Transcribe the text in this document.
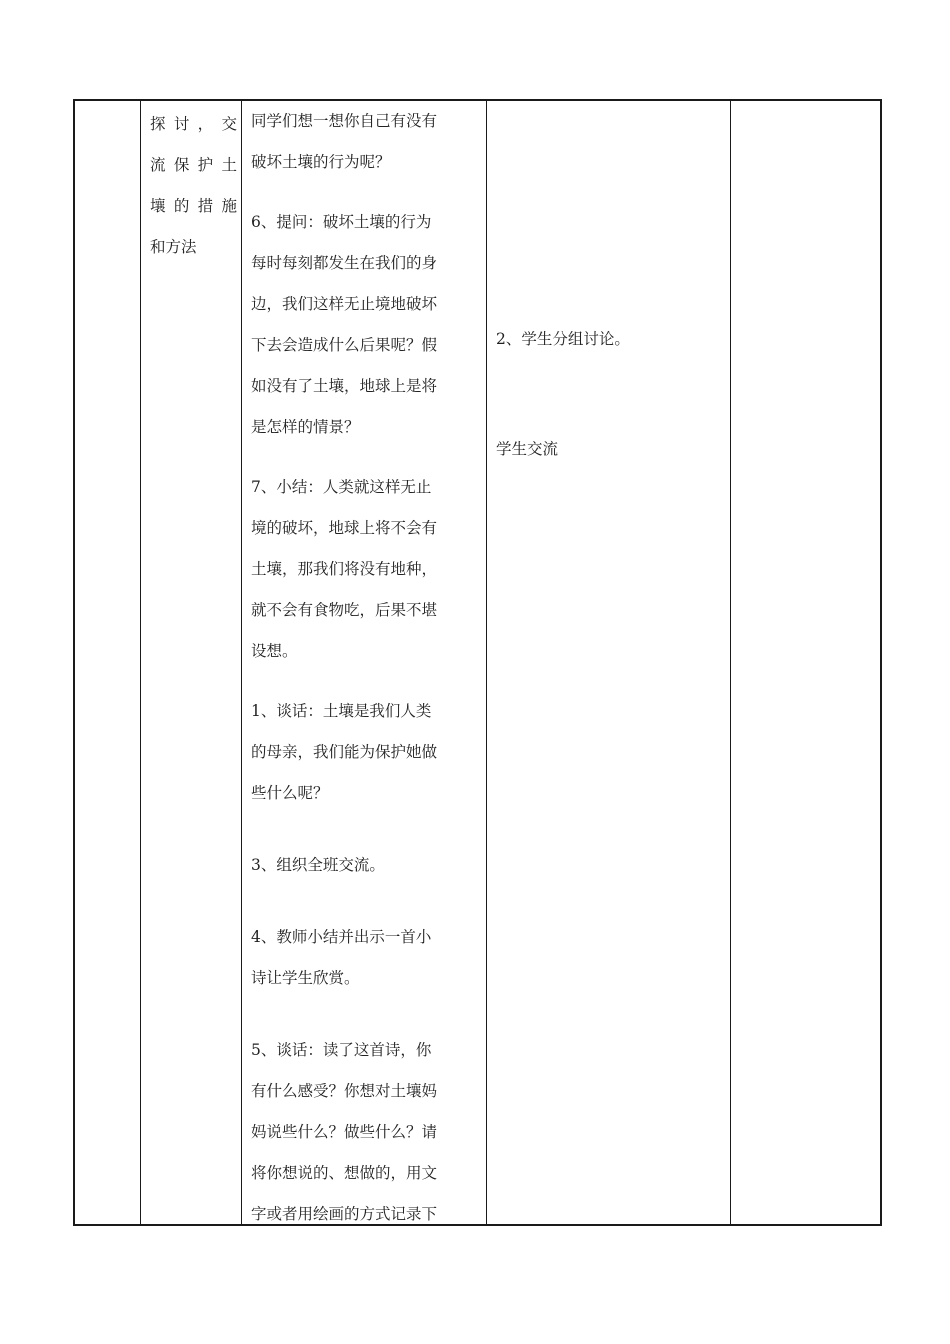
探 讨 ， 交
流 保 护 土
壤 的 措 施
和方法
同学们想一想你自己有没有
破坏土壤的行为呢？
6、提问：破坏土壤的行为
每时每刻都发生在我们的身
边，我们这样无止境地破坏
下去会造成什么后果呢？假
如没有了土壤，地球上是将
是怎样的情景？
7、小结：人类就这样无止
境的破坏，地球上将不会有
土壤，那我们将没有地种，
就不会有食物吃，后果不堪
设想。
1、谈话：土壤是我们人类
的母亲，我们能为保护她做
些什么呢？
3、组织全班交流。
4、教师小结并出示一首小
诗让学生欣赏。
5、谈话：读了这首诗，你
有什么感受？你想对土壤妈
妈说些什么？做些什么？请
将你想说的、想做的，用文
字或者用绘画的方式记录下
2、学生分组讨论。
学生交流
